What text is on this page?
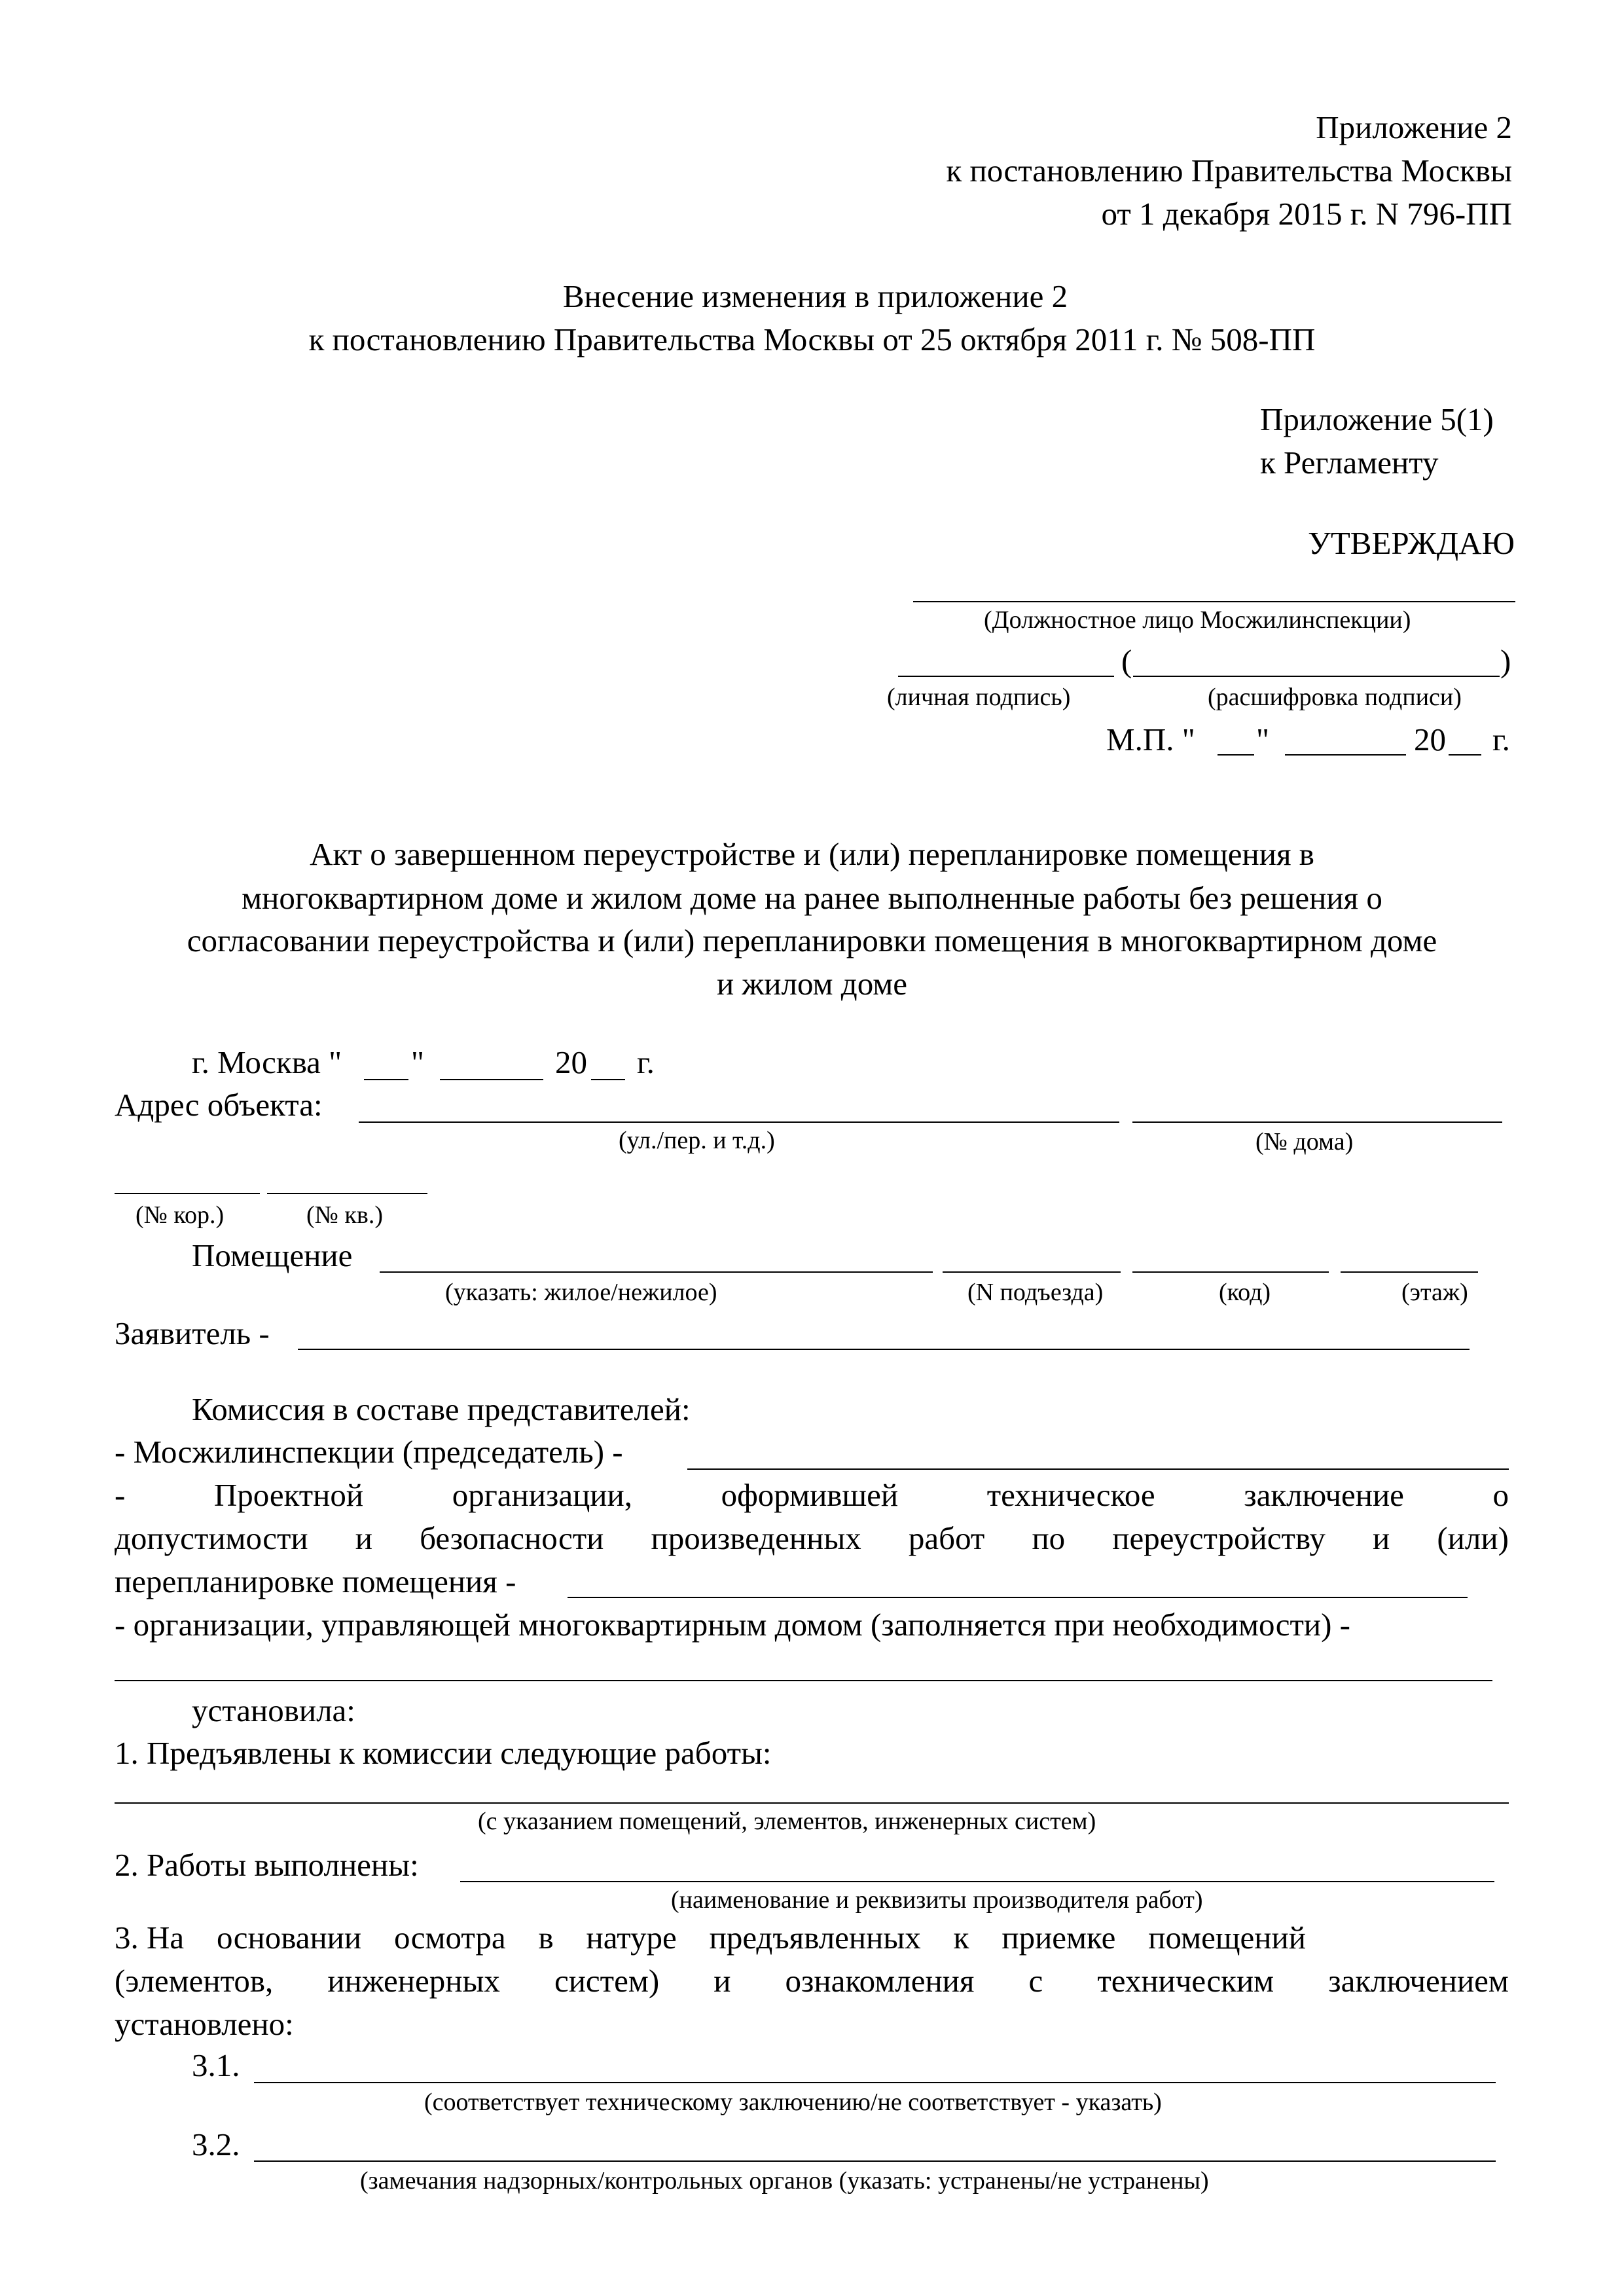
Приложение 2
к постановлению Правительства Москвы
от 1 декабря 2015 г. N 796-ПП
Внесение изменения в приложение 2
к постановлению Правительства Москвы от 25 октября 2011 г. № 508-ПП
Приложение 5(1)
к Регламенту
УТВЕРЖДАЮ
(Должностное лицо Мосжилинспекции)
(	)
(личная подпись)	(расшифровка подписи)
М.П. " "	20 г.
Акт о завершенном переустройстве и (или) перепланировке помещения в
многоквартирном доме и жилом доме на ранее выполненные работы без решения о
согласовании переустройства и (или) перепланировки помещения в многоквартирном доме
и жилом доме
г. Москва " "	20 г.
Адрес объекта:
(ул./пер. и т.д.)	(№ дома)
(№ кор.)	(№ кв.)
Помещение
(указать: жилое/нежилое)	(N подъезда)	(код)	(этаж)
Заявитель -
Комиссия в составе представителей:
- Мосжилинспекции (председатель) -
-	Проектной	организации,	оформившей	техническое	заключение	о
допустимости и безопасности произведенных работ по переустройству и (или)
перепланировке помещения -
- организации, управляющей многоквартирным домом (заполняется при необходимости) -
установила:
1. Предъявлены к комиссии следующие работы:
(с указанием помещений, элементов, инженерных систем)
2. Работы выполнены:
(наименование и реквизиты производителя работ)
3. На основании осмотра в натуре предъявленных к приемке помещений
(элементов, инженерных систем) и ознакомления с техническим заключением
установлено:
3.1.
(соответствует техническому заключению/не соответствует - указать)
3.2.
(замечания надзорных/контрольных органов (указать: устранены/не устранены)
